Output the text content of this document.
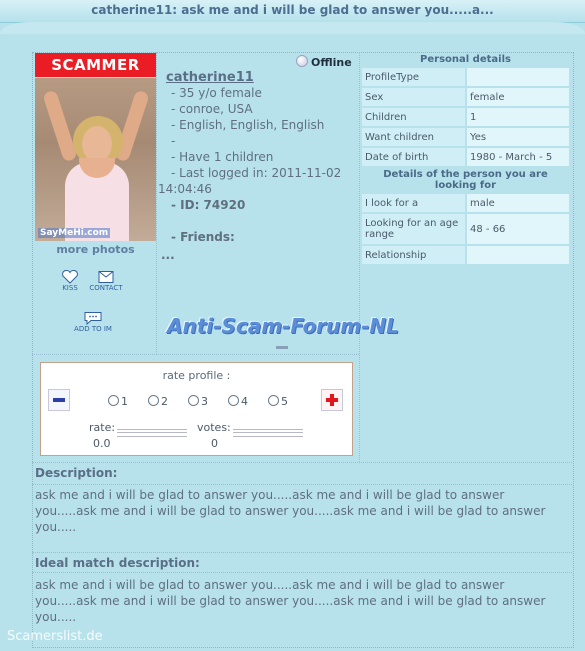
catherine11: ask me and i will be glad to answer you.....a...
SCAMMER
SayMeHi.com
more photos
KISS	CONTACT
ADD TO IM
Offline
catherine11
- 35 y/o female
- conroe, USA
- English, English, English
-
- Have 1 children
- Last logged in: 2011-11-02
14:04:46
- ID: 74920
- Friends:
...
Personal details	
ProfileType	
Sex	female
Children	1
Want children	Yes
Date of birth	1980 - March - 5
Details of the person you are looking for	
I look for a	male
Looking for an age range	48 - 66
Relationship	
Anti-Scam-Forum-NL
rate profile :
1	2	3	4	5
rate:
0.0
votes:
0
Description:
ask me and i will be glad to answer you.....ask me and i will be glad to answer you.....ask me and i will be glad to answer you.....ask me and i will be glad to answer you.....
Ideal match description:
ask me and i will be glad to answer you.....ask me and i will be glad to answer you.....ask me and i will be glad to answer you.....ask me and i will be glad to answer you.....
Scamerslist.de
